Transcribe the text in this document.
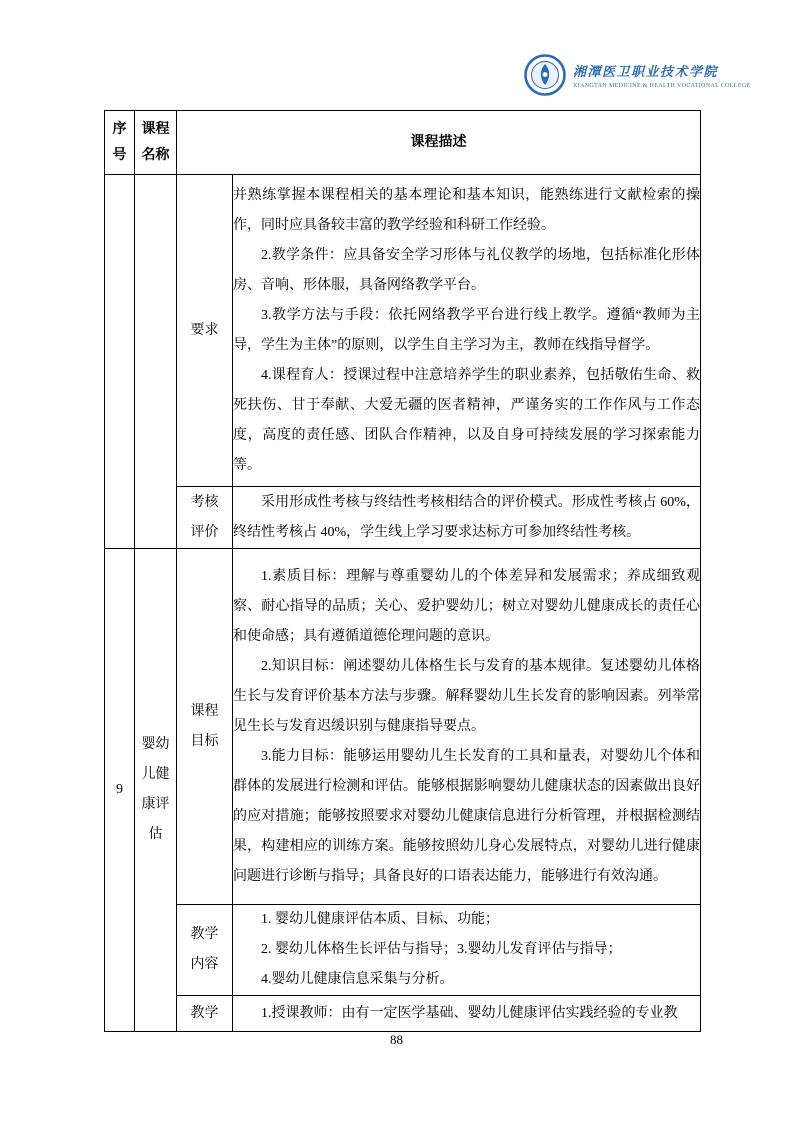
湘潭医卫职业技术学院
XIANGTAN MEDICINE & HEALTH VOCATIONAL COLLEGE
序号	课程名称	课程描述	
		要求	并熟练掌握本课程相关的基本理论和基本知识，能熟练进行文献检索的操作，同时应具备较丰富的教学经验和科研工作经验。

2.教学条件：应具备安全学习形体与礼仪教学的场地，包括标准化形体房、音响、形体服，具备网络教学平台。

3.教学方法与手段：依托网络教学平台进行线上教学。遵循“教师为主导，学生为主体”的原则，以学生自主学习为主，教师在线指导督学。

4.课程育人：授课过程中注意培养学生的职业素养，包括敬佑生命、救死扶伤、甘于奉献、大爱无疆的医者精神，严谨务实的工作作风与工作态度，高度的责任感、团队合作精神，以及自身可持续发展的学习探索能力等。

		考核评价	采用形成性考核与终结性考核相结合的评价模式。形成性考核占 60%，终结性考核占 40%，学生线上学习要求达标方可参加终结性考核。

9	婴幼儿健康评估	课程目标	1.素质目标：理解与尊重婴幼儿的个体差异和发展需求；养成细致观察、耐心指导的品质；关心、爱护婴幼儿；树立对婴幼儿健康成长的责任心和使命感；具有遵循道德伦理问题的意识。

2.知识目标：阐述婴幼儿体格生长与发育的基本规律。复述婴幼儿体格生长与发育评价基本方法与步骤。解释婴幼儿生长发育的影响因素。列举常见生长与发育迟缓识别与健康指导要点。

3.能力目标：能够运用婴幼儿生长发育的工具和量表，对婴幼儿个体和群体的发展进行检测和评估。能够根据影响婴幼儿健康状态的因素做出良好的应对措施；能够按照要求对婴幼儿健康信息进行分析管理，并根据检测结果，构建相应的训练方案。能够按照幼儿身心发展特点，对婴幼儿进行健康问题进行诊断与指导；具备良好的口语表达能力，能够进行有效沟通。

		教学内容	1. 婴幼儿健康评估本质、目标、功能；

2. 婴幼儿体格生长评估与指导；3.婴幼儿发育评估与指导；

4.婴幼儿健康信息采集与分析。

		教学	1.授课教师：由有一定医学基础、婴幼儿健康评估实践经验的专业教

88
